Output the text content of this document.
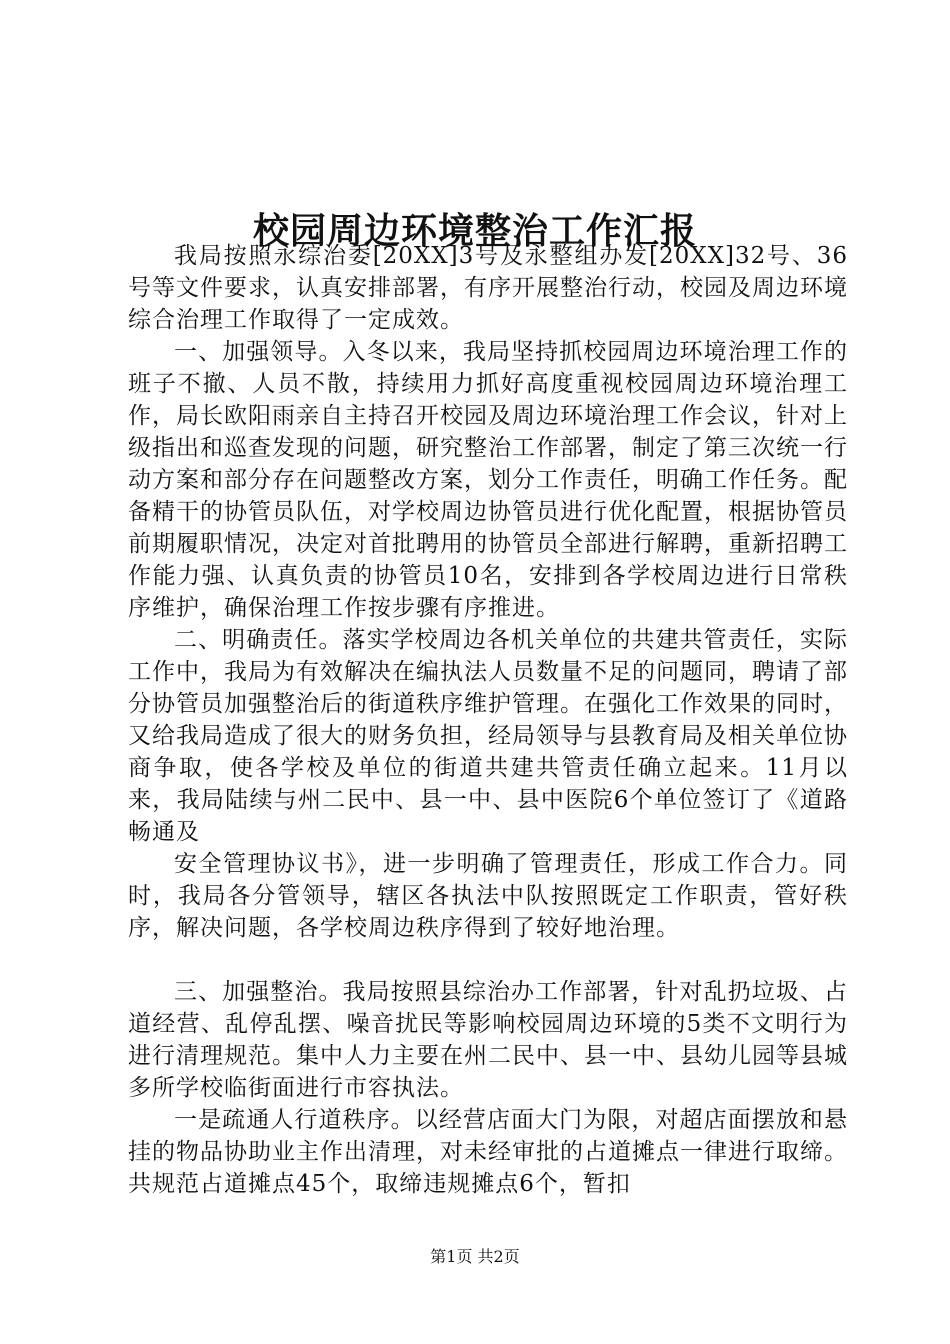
校园周边环境整治工作汇报

我局按照永综治委[20XX]3号及永整组办发[20XX]32号、36号等文件要求，认真安排部署，有序开展整治行动，校园及周边环境综合治理工作取得了一定成效。

一、加强领导。入冬以来，我局坚持抓校园周边环境治理工作的班子不撤、人员不散，持续用力抓好高度重视校园周边环境治理工作，局长欧阳雨亲自主持召开校园及周边环境治理工作会议，针对上级指出和巡查发现的问题，研究整治工作部署，制定了第三次统一行动方案和部分存在问题整改方案，划分工作责任，明确工作任务。配备精干的协管员队伍，对学校周边协管员进行优化配置，根据协管员前期履职情况，决定对首批聘用的协管员全部进行解聘，重新招聘工作能力强、认真负责的协管员10名，安排到各学校周边进行日常秩序维护，确保治理工作按步骤有序推进。

二、明确责任。落实学校周边各机关单位的共建共管责任，实际工作中，我局为有效解决在编执法人员数量不足的问题同，聘请了部分协管员加强整治后的街道秩序维护管理。在强化工作效果的同时，又给我局造成了很大的财务负担，经局领导与县教育局及相关单位协商争取，使各学校及单位的街道共建共管责任确立起来。11月以来，我局陆续与州二民中、县一中、县中医院6个单位签订了《道路畅通及

安全管理协议书》，进一步明确了管理责任，形成工作合力。同时，我局各分管领导，辖区各执法中队按照既定工作职责，管好秩序，解决问题，各学校周边秩序得到了较好地治理。

三、加强整治。我局按照县综治办工作部署，针对乱扔垃圾、占道经营、乱停乱摆、噪音扰民等影响校园周边环境的5类不文明行为进行清理规范。集中人力主要在州二民中、县一中、县幼儿园等县城多所学校临街面进行市容执法。

一是疏通人行道秩序。以经营店面大门为限，对超店面摆放和悬挂的物品协助业主作出清理，对未经审批的占道摊点一律进行取缔。共规范占道摊点45个，取缔违规摊点6个，暂扣

第1页 共2页
